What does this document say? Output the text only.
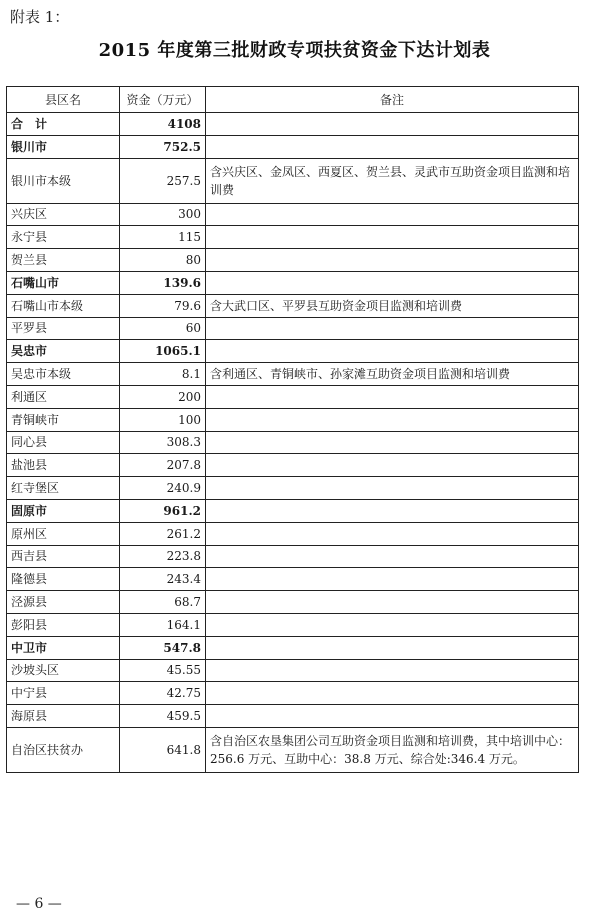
附表 1：
2015 年度第三批财政专项扶贫资金下达计划表
县区名	资金（万元）	备注
合　计	4108	
银川市	752.5	
银川市本级	257.5	含兴庆区、金凤区、西夏区、贺兰县、灵武市互助资金项目监测和培训费
兴庆区	300	
永宁县	115	
贺兰县	80	
石嘴山市	139.6	
石嘴山市本级	79.6	含大武口区、平罗县互助资金项目监测和培训费
平罗县	60	
吴忠市	1065.1	
吴忠市本级	8.1	含利通区、青铜峡市、孙家滩互助资金项目监测和培训费
利通区	200	
青铜峡市	100	
同心县	308.3	
盐池县	207.8	
红寺堡区	240.9	
固原市	961.2	
原州区	261.2	
西吉县	223.8	
隆德县	243.4	
泾源县	68.7	
彭阳县	164.1	
中卫市	547.8	
沙坡头区	45.55	
中宁县	42.75	
海原县	459.5	
自治区扶贫办	641.8	含自治区农垦集团公司互助资金项目监测和培训费，其中培训中心：256.6 万元、互助中心：38.8 万元、综合处:346.4 万元。
— 6 —
